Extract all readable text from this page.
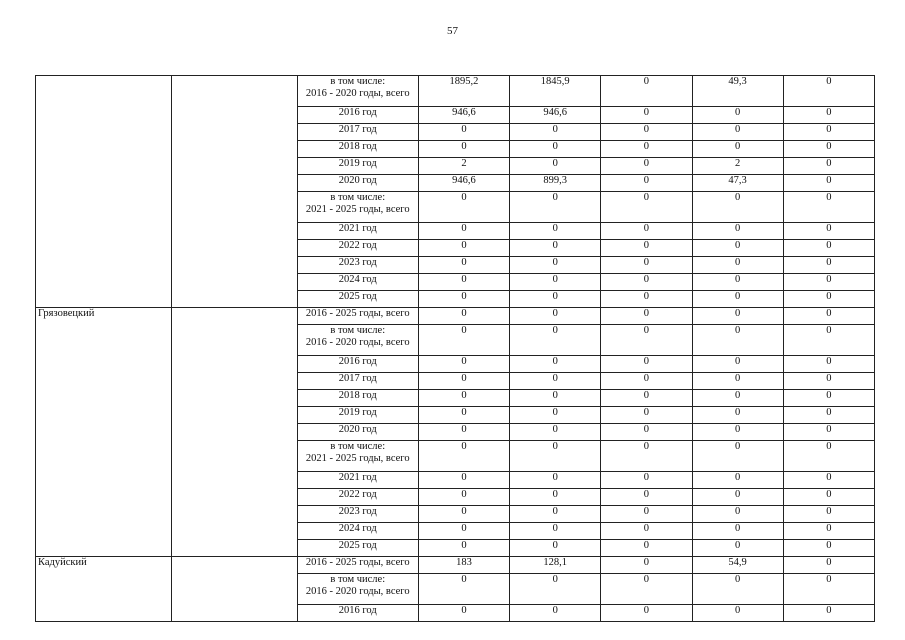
57
		в том числе:
2016 - 2020 годы, всего	1895,2	1845,9	0	49,3	0
		2016 год	946,6	946,6	0	0	0
		2017 год	0	0	0	0	0
		2018 год	0	0	0	0	0
		2019 год	2	0	0	2	0
		2020 год	946,6	899,3	0	47,3	0
		в том числе:
2021 - 2025 годы, всего	0	0	0	0	0
		2021 год	0	0	0	0	0
		2022 год	0	0	0	0	0
		2023 год	0	0	0	0	0
		2024 год	0	0	0	0	0
		2025 год	0	0	0	0	0
Грязовецкий		2016 - 2025 годы, всего	0	0	0	0	0
		в том числе:
2016 - 2020 годы, всего	0	0	0	0	0
		2016 год	0	0	0	0	0
		2017 год	0	0	0	0	0
		2018 год	0	0	0	0	0
		2019 год	0	0	0	0	0
		2020 год	0	0	0	0	0
		в том числе:
2021 - 2025 годы, всего	0	0	0	0	0
		2021 год	0	0	0	0	0
		2022 год	0	0	0	0	0
		2023 год	0	0	0	0	0
		2024 год	0	0	0	0	0
		2025 год	0	0	0	0	0
Кадуйский		2016 - 2025 годы, всего	183	128,1	0	54,9	0
		в том числе:
2016 - 2020 годы, всего	0	0	0	0	0
		2016 год	0	0	0	0	0
